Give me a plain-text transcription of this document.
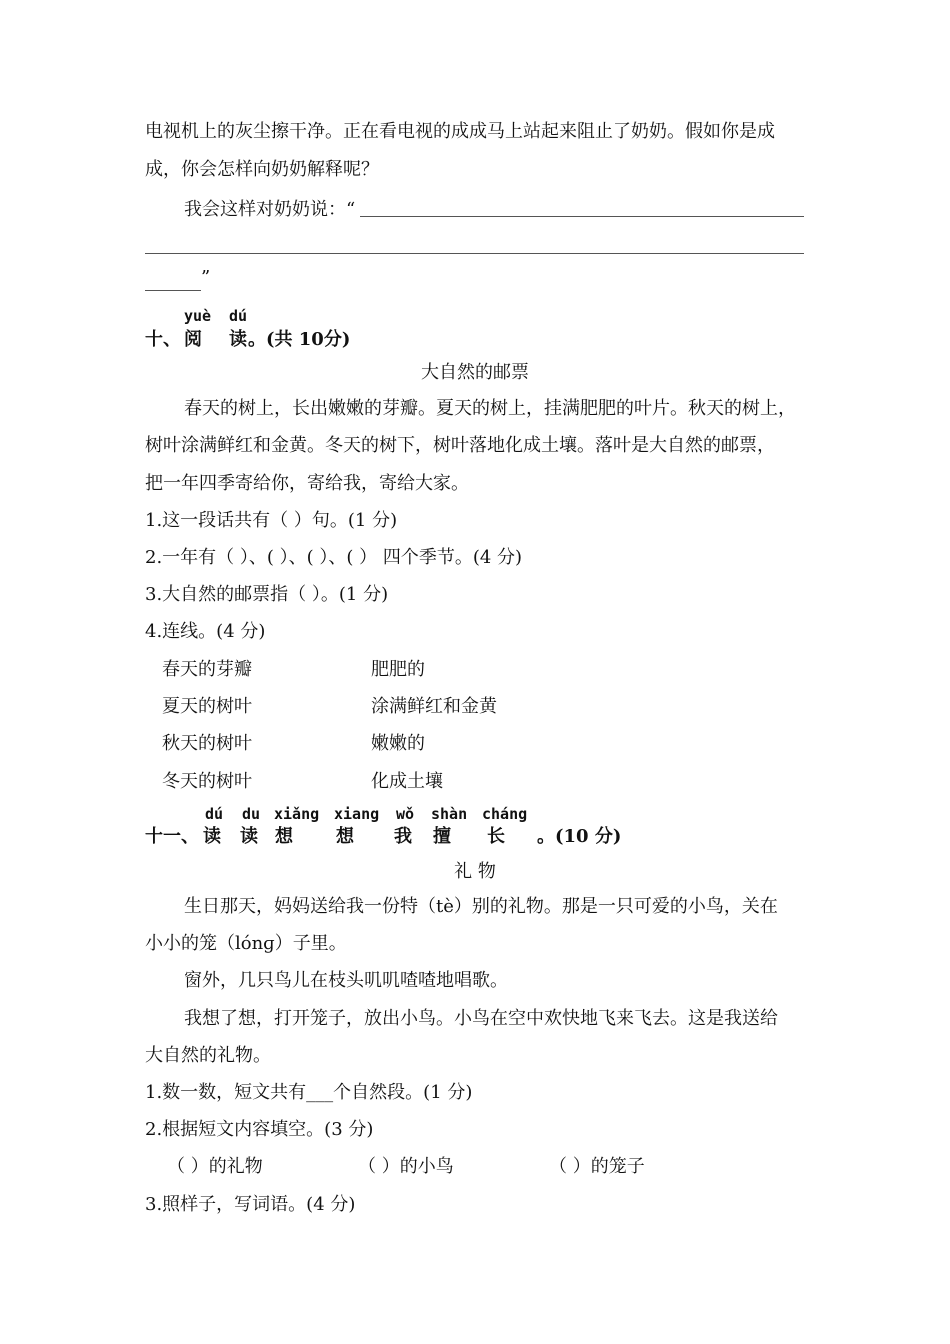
电视机上的灰尘擦干净。正在看电视的成成马上站起来阻止了奶奶。假如你是成
成，你会怎样向奶奶解释呢？
我会这样对奶奶说：“
”
十、
yuè
阅
dú
读 。(共 10分)
大自然的邮票
春天的树上，长出嫩嫩的芽瓣。夏天的树上，挂满肥肥的叶片。秋天的树上，
树叶涂满鲜红和金黄。冬天的树下，树叶落地化成土壤。落叶是大自然的邮票，
把一年四季寄给你，寄给我，寄给大家。
1.这一段话共有（ ）句。(1 分)
2.一年有（ ）、( ）、( ）、( ） 四个季节。(4 分)
3.大自然的邮票指（ ）。(1 分)
4.连线。(4 分)
春天的芽瓣
夏天的树叶
秋天的树叶
冬天的树叶
肥肥的
涂满鲜红和金黄
嫩嫩的
化成土壤
十一、
dú
读
du
读
xiǎng
想
xiang
想
wǒ
我
shàn
擅
cháng
长 。(10 分)
礼 物
生日那天，妈妈送给我一份特（tè）别的礼物。那是一只可爱的小鸟，关在
小小的笼（lónɡ）子里。
窗外，几只鸟儿在枝头叽叽喳喳地唱歌。
我想了想，打开笼子，放出小鸟。小鸟在空中欢快地飞来飞去。这是我送给
大自然的礼物。
1.数一数，短文共有___个自然段。(1 分)
2.根据短文内容填空。(3 分)
（ ）的礼物	（ ）的小鸟	（ ）的笼子
3.照样子，写词语。(4 分)
